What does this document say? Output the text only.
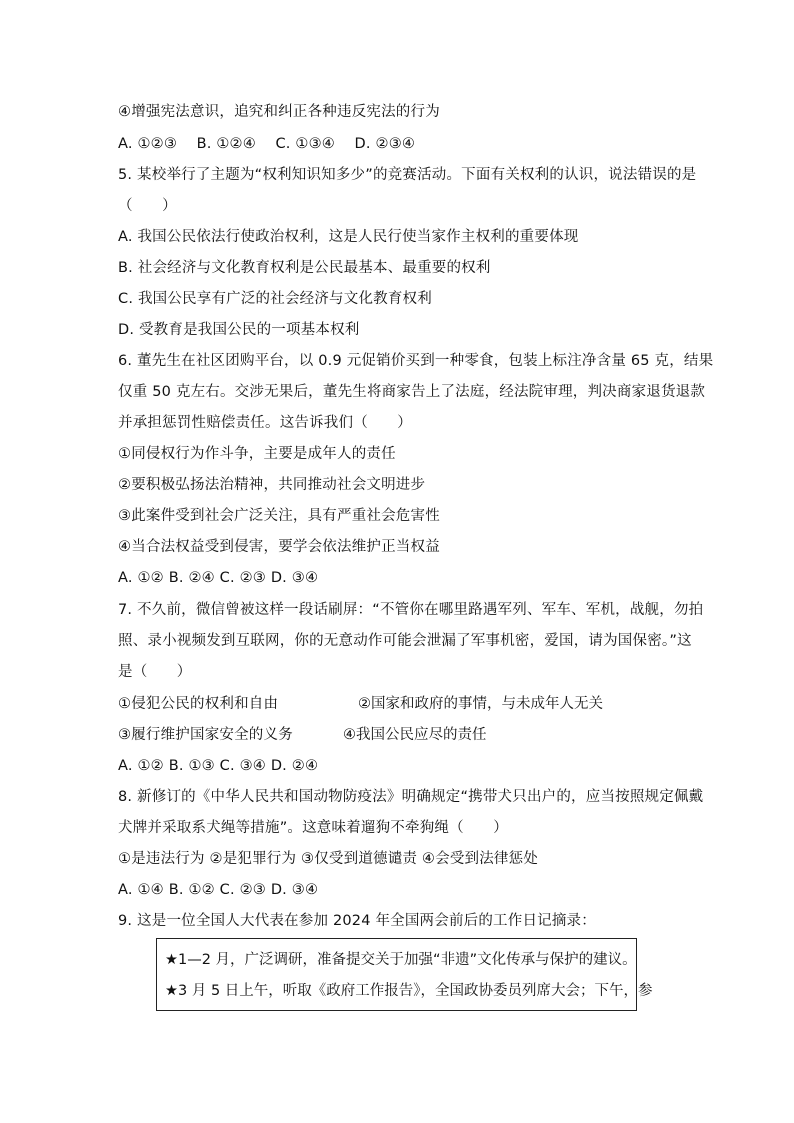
④增强宪法意识，追究和纠正各种违反宪法的行为
A. ①②③　 B. ①②④　 C. ①③④　 D. ②③④
5. 某校举行了主题为“权利知识知多少”的竞赛活动。下面有关权利的认识，说法错误的是
（　　）
A. 我国公民依法行使政治权利，这是人民行使当家作主权利的重要体现
B. 社会经济与文化教育权利是公民最基本、最重要的权利
C. 我国公民享有广泛的社会经济与文化教育权利
D. 受教育是我国公民的一项基本权利
6. 董先生在社区团购平台，以 0.9 元促销价买到一种零食，包装上标注净含量 65 克，结果
仅重 50 克左右。交涉无果后，董先生将商家告上了法庭，经法院审理，判决商家退货退款
并承担惩罚性赔偿责任。这告诉我们（　　）
①同侵权行为作斗争，主要是成年人的责任
②要积极弘扬法治精神，共同推动社会文明进步
③此案件受到社会广泛关注，具有严重社会危害性
④当合法权益受到侵害，要学会依法维护正当权益
A. ①② B. ②④ C. ②③ D. ③④
7. 不久前，微信曾被这样一段话刷屏：“不管你在哪里路遇军列、军车、军机，战舰，勿拍
照、录小视频发到互联网，你的无意动作可能会泄漏了军事机密，爱国，请为国保密。”这
是（　　）
①侵犯公民的权利和自由	②国家和政府的事情，与未成年人无关
③履行维护国家安全的义务	④我国公民应尽的责任
A. ①② B. ①③ C. ③④ D. ②④
8. 新修订的《中华人民共和国动物防疫法》明确规定“携带犬只出户的，应当按照规定佩戴
犬牌并采取系犬绳等措施”。这意味着遛狗不牵狗绳（　　）
①是违法行为 ②是犯罪行为 ③仅受到道德谴责 ④会受到法律惩处
A. ①④ B. ①② C. ②③ D. ③④
9. 这是一位全国人大代表在参加 2024 年全国两会前后的工作日记摘录：
★1—2 月，广泛调研，准备提交关于加强“非遗”文化传承与保护的建议。
★3 月 5 日上午，听取《政府工作报告》，全国政协委员列席大会；下午，参
